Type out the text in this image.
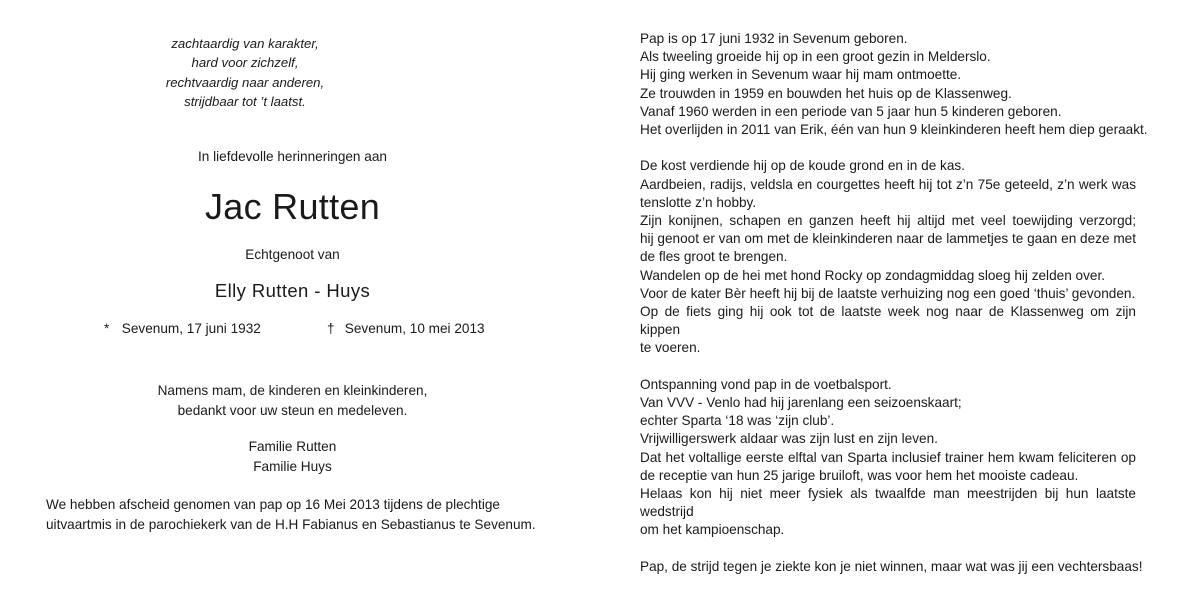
zachtaardig van karakter,
hard voor zichzelf,
rechtvaardig naar anderen,
strijdbaar tot ’t laatst.
In liefdevolle herinneringen aan
Jac Rutten
Echtgenoot van
Elly Rutten - Huys
* Sevenum, 17 juni 1932	† Sevenum, 10 mei 2013
Namens mam, de kinderen en kleinkinderen,
bedankt voor uw steun en medeleven.
Familie Rutten
Familie Huys
We hebben afscheid genomen van pap op 16 Mei 2013 tijdens de plechtige
uitvaartmis in de parochiekerk van de H.H Fabianus en Sebastianus te Sevenum.
Pap is op 17 juni 1932 in Sevenum geboren.
Als tweeling groeide hij op in een groot gezin in Melderslo.
Hij ging werken in Sevenum waar hij mam ontmoette.
Ze trouwden in 1959 en bouwden het huis op de Klassenweg.
Vanaf 1960 werden in een periode van 5 jaar hun 5 kinderen geboren.
Het overlijden in 2011 van Erik, één van hun 9 kleinkinderen heeft hem diep geraakt.
De kost verdiende hij op de koude grond en in de kas.
Aardbeien, radijs, veldsla en courgettes heeft hij tot z’n 75e geteeld, z’n werk was
tenslotte z’n hobby.
Zijn konijnen, schapen en ganzen heeft hij altijd met veel toewijding verzorgd;
hij genoot er van om met de kleinkinderen naar de lammetjes te gaan en deze met
de fles groot te brengen.
Wandelen op de hei met hond Rocky op zondagmiddag sloeg hij zelden over.
Voor de kater Bèr heeft hij bij de laatste verhuizing nog een goed ‘thuis’ gevonden.
Op de fiets ging hij ook tot de laatste week nog naar de Klassenweg om zijn kippen
te voeren.
Ontspanning vond pap in de voetbalsport.
Van VVV - Venlo had hij jarenlang een seizoenskaart;
echter Sparta ‘18 was ‘zijn club’.
Vrijwilligerswerk aldaar was zijn lust en zijn leven.
Dat het voltallige eerste elftal van Sparta inclusief trainer hem kwam feliciteren op
de receptie van hun 25 jarige bruiloft, was voor hem het mooiste cadeau.
Helaas kon hij niet meer fysiek als twaalfde man meestrijden bij hun laatste wedstrijd
om het kampioenschap.
Pap, de strijd tegen je ziekte kon je niet winnen, maar wat was jij een vechtersbaas!
